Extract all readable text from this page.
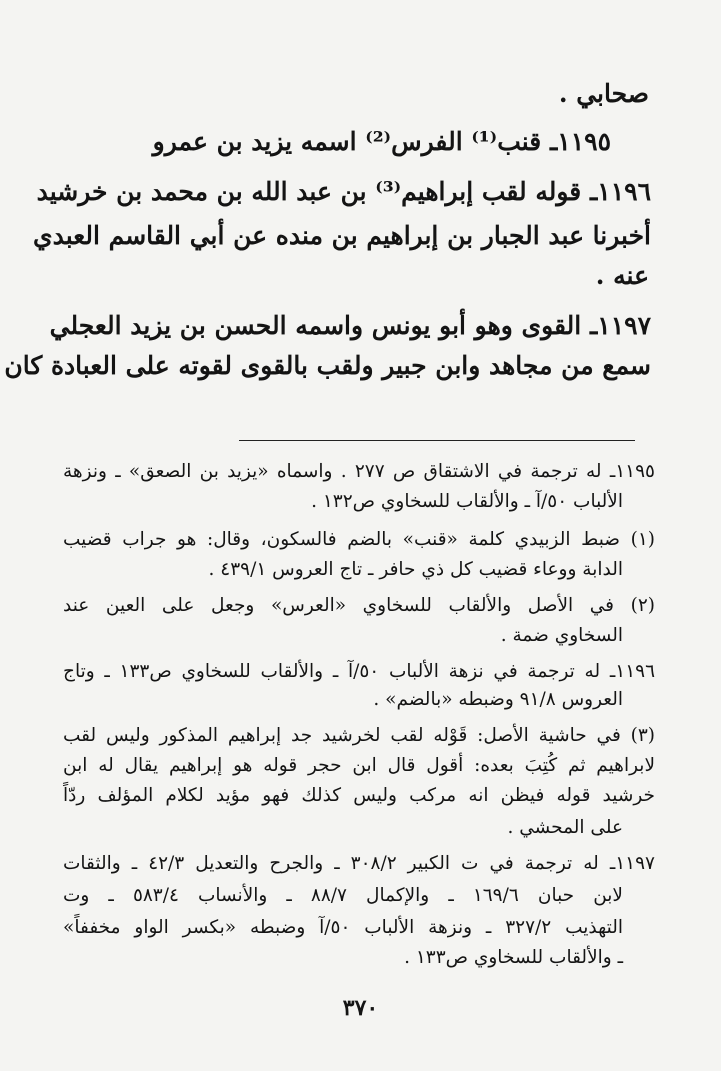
صحابي .
١١٩٥ـ قنب⁽¹⁾ الفرس⁽²⁾ اسمه يزيد بن عمرو
١١٩٦ـ قوله لقب إبراهيم⁽³⁾ بن عبد الله بن محمد بن خرشيد
أخبرنا عبد الجبار بن إبراهيم بن منده عن أبي القاسم العبدي
عنه .
١١٩٧ـ القوى وهو أبو يونس واسمه الحسن بن يزيد العجلي
سمع من مجاهد وابن جبير ولقب بالقوى لقوته على العبادة كان
١١٩٥ـ له ترجمة في الاشتقاق ص ٢٧٧ . واسماه «يزيد بن الصعق» ـ ونزهة
الألباب ٥٠/آ ـ والألقاب للسخاوي ص١٣٢ .
(١) ضبط الزبيدي كلمة «قنب» بالضم فالسكون، وقال: هو جراب قضيب
الدابة ووعاء قضيب كل ذي حافر ـ تاج العروس ٤٣٩/١ .
(٢) في الأصل والألقاب للسخاوي «العرس» وجعل على العين عند
السخاوي ضمة .
١١٩٦ـ له ترجمة في نزهة الألباب ٥٠/آ ـ والألقاب للسخاوي ص١٣٣ ـ وتاج
العروس ٩١/٨ وضبطه «بالضم» .
(٣) في حاشية الأصل: قَوْله لقب لخرشيد جد إبراهيم المذكور وليس لقب
لابراهيم ثم كُتِبَ بعده: أقول قال ابن حجر قوله هو إبراهيم يقال له ابن
خرشيد قوله فيظن انه مركب وليس كذلك فهو مؤيد لكلام المؤلف ردّاً
على المحشي .
١١٩٧ـ له ترجمة في ت الكبير ٣٠٨/٢ ـ والجرح والتعديل ٤٢/٣ ـ والثقات
لابن حبان ١٦٩/٦ ـ والإكمال ٨٨/٧ ـ والأنساب ٥٨٣/٤ ـ وت
التهذيب ٣٢٧/٢ ـ ونزهة الألباب ٥٠/آ وضبطه «بكسر الواو مخففاً»
ـ والألقاب للسخاوي ص١٣٣ .
٣٧٠
